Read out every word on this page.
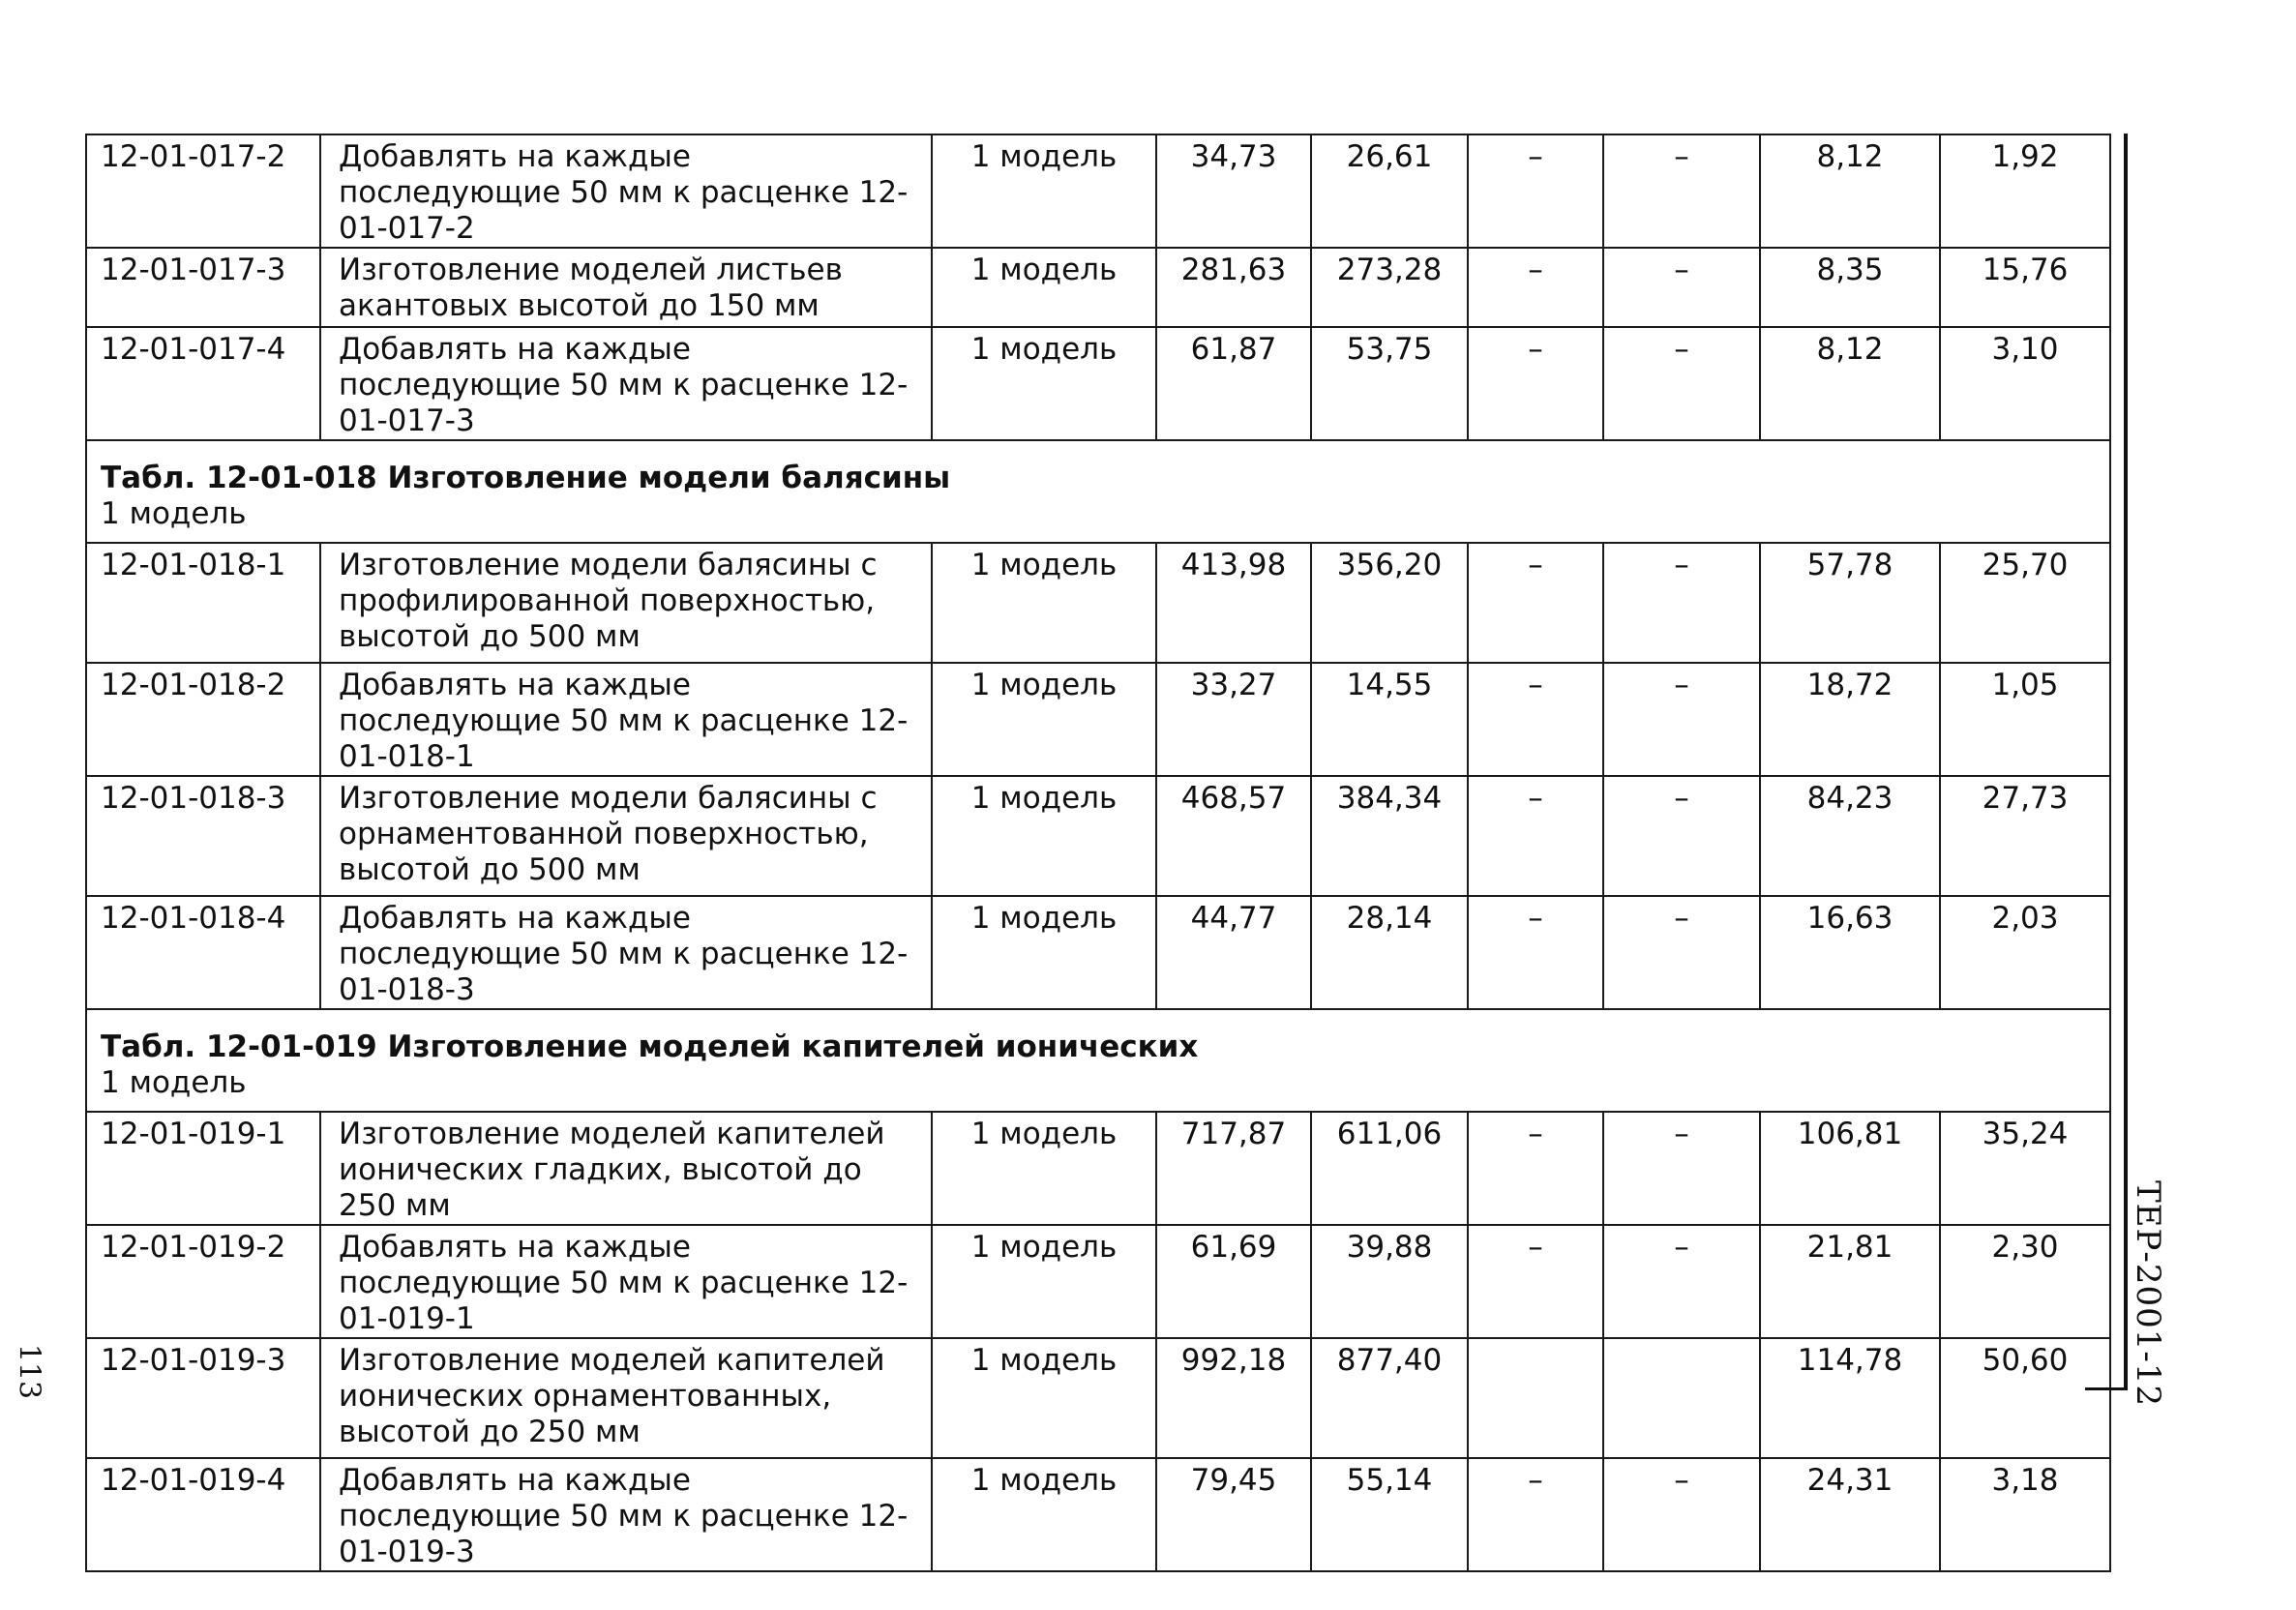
12-01-017-2	Добавлять на каждые последующие 50 мм к расценке 12-01-017-2	1 модель	34,73	26,61	–	–	8,12	1,92
12-01-017-3	Изготовление моделей листьев акантовых высотой до 150 мм	1 модель	281,63	273,28	–	–	8,35	15,76
12-01-017-4	Добавлять на каждые последующие 50 мм к расценке 12-01-017-3	1 модель	61,87	53,75	–	–	8,12	3,10

Табл. 12-01-018 Изготовление модели балясины
1 модель								

12-01-018-1	Изготовление модели балясины с профилированной поверхностью, высотой до 500 мм	1 модель	413,98	356,20	–	–	57,78	25,70
12-01-018-2	Добавлять на каждые последующие 50 мм к расценке 12-01-018-1	1 модель	33,27	14,55	–	–	18,72	1,05
12-01-018-3	Изготовление модели балясины с орнаментованной поверхностью, высотой до 500 мм	1 модель	468,57	384,34	–	–	84,23	27,73
12-01-018-4	Добавлять на каждые последующие 50 мм к расценке 12-01-018-3	1 модель	44,77	28,14	–	–	16,63	2,03

Табл. 12-01-019 Изготовление моделей капителей ионических
1 модель								

12-01-019-1	Изготовление моделей капителей ионических гладких, высотой до 250 мм	1 модель	717,87	611,06	–	–	106,81	35,24
12-01-019-2	Добавлять на каждые последующие 50 мм к расценке 12-01-019-1	1 модель	61,69	39,88	–	–	21,81	2,30
12-01-019-3	Изготовление моделей капителей ионических орнаментованных, высотой до 250 мм	1 модель	992,18	877,40			114,78	50,60
12-01-019-4	Добавлять на каждые последующие 50 мм к расценке 12-01-019-3	1 модель	79,45	55,14	–	–	24,31	3,18
113	ТЕР-2001-12
